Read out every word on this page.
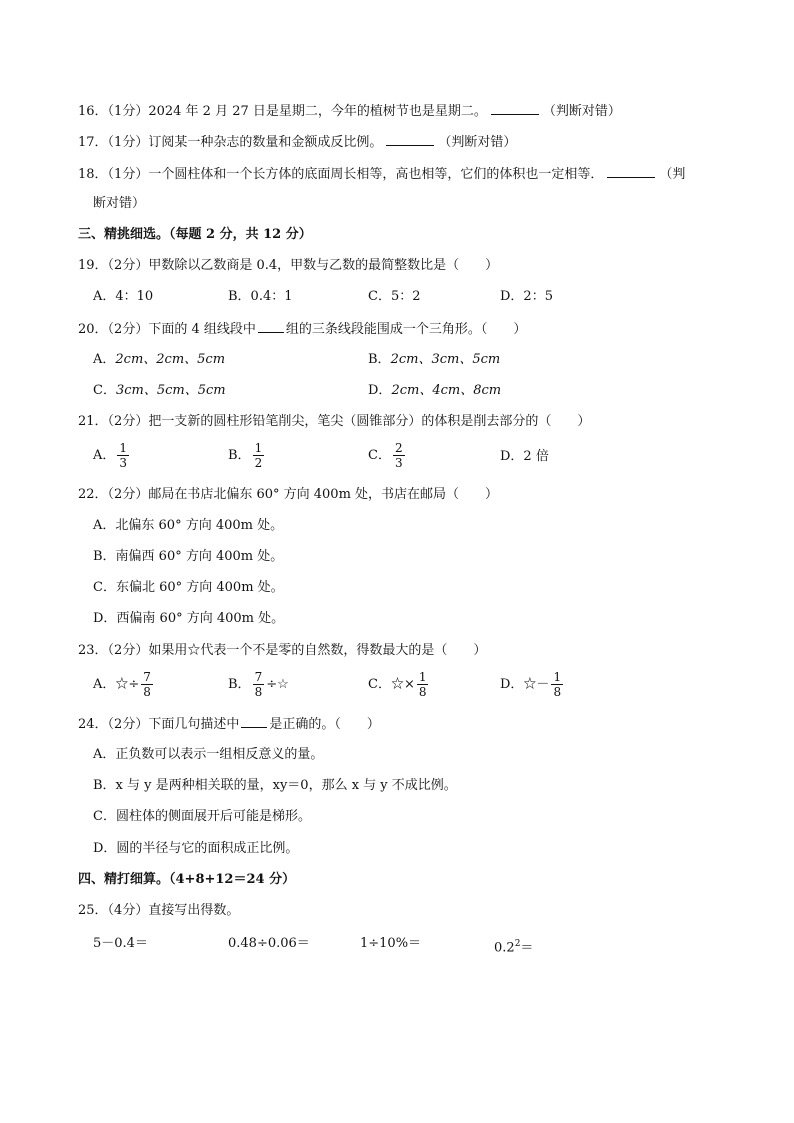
16．（1分）2024 年 2 月 27 日是星期二，今年的植树节也是星期二。	（判断对错）
17．（1分）订阅某一种杂志的数量和金额成反比例。	（判断对错）
18．（1分）一个圆柱体和一个长方体的底面周长相等，高也相等，它们的体积也一定相等．	（判
断对错）
三、精挑细选。（每题 2 分，共 12 分）
19．（2分）甲数除以乙数商是 0.4，甲数与乙数的最简整数比是（　　）
A．4：10	B．0.4：1	C．5：2	D．2：5
20．（2分）下面的 4 组线段中 组的三条线段能围成一个三角形。（　　）
A．2cm、2cm、5cm	B．2cm、3cm、5cm
C．3cm、5cm、5cm	D．2cm、4cm、8cm
21．（2分）把一支新的圆柱形铅笔削尖，笔尖（圆锥部分）的体积是削去部分的（　　）
A． $\frac{1}{3}$	B． $\frac{1}{2}$	C． $\frac{2}{3}$	D．2 倍
22．（2分）邮局在书店北偏东 60° 方向 400m 处，书店在邮局（　　）
A．北偏东 60° 方向 400m 处。
B．南偏西 60° 方向 400m 处。
C．东偏北 60° 方向 400m 处。
D．西偏南 60° 方向 400m 处。
23．（2分）如果用☆代表一个不是零的自然数，得数最大的是（　　）
A．☆÷ $\frac{7}{8}$	B． $\frac{7}{8}$ ÷☆	C．☆× $\frac{1}{8}$	D．☆－ $\frac{1}{8}$
24．（2分）下面几句描述中 是正确的。（　　）
A．正负数可以表示一组相反意义的量。
B．x 与 y 是两种相关联的量，xy＝0，那么 x 与 y 不成比例。
C．圆柱体的侧面展开后可能是梯形。
D．圆的半径与它的面积成正比例。
四、精打细算。（4+8+12＝24 分）
25．（4分）直接写出得数。
5－0.4＝	0.48÷0.06＝	1÷10%＝	$0.2^2=$
